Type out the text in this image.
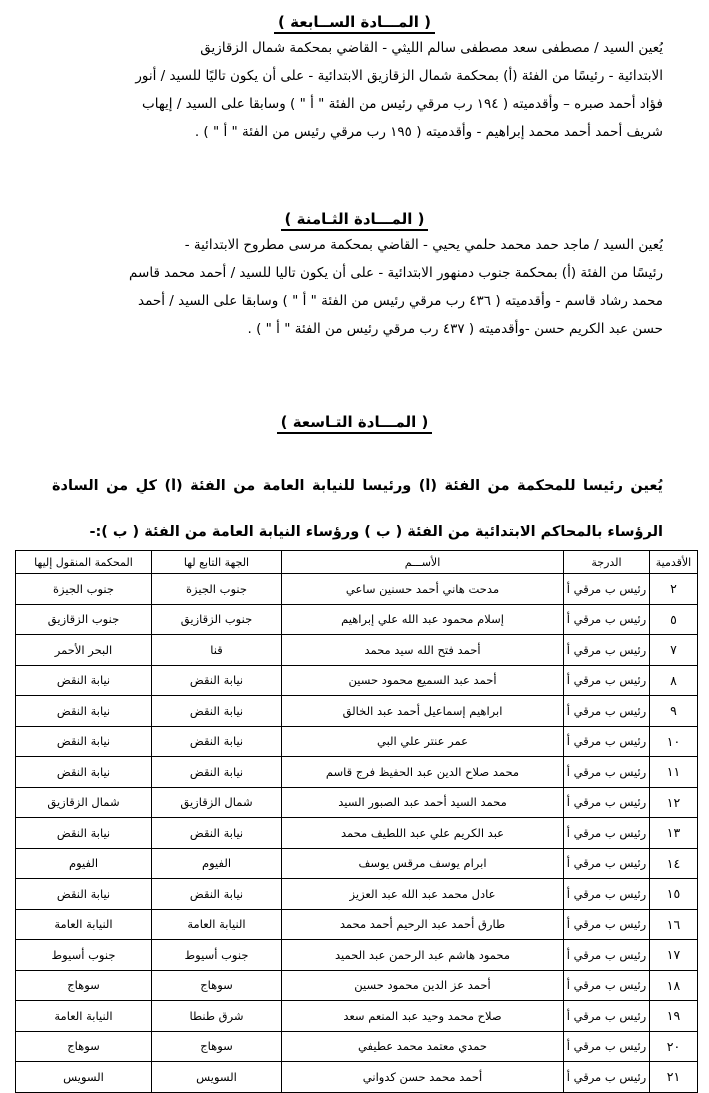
( المـــادة الســابعة )

يُعين السيد / مصطفى سعد مصطفى سالم الليثي - القاضي بمحكمة شمال الزقازيق

الابتدائية - رئيسًا من الفئة (أ) بمحكمة شمال الزقازيق الابتدائية - على أن يكون تاليًا للسيد / أنور

فؤاد أحمد صبره – وأقدميته ( ١٩٤ رب مرقي رئيس من الفئة " أ " ) وسابقا على السيد / إيهاب

شريف أحمد أحمد محمد إبراهيم - وأقدميته ( ١٩٥ رب مرقي رئيس من الفئة " أ " ) .

( المـــادة الثـامنة )

يُعين السيد / ماجد حمد محمد حلمي يحيي - القاضي بمحكمة مرسى مطروح الابتدائية -

رئيسًا من الفئة (أ) بمحكمة جنوب دمنهور الابتدائية - على أن يكون تاليا للسيد / أحمد محمد قاسم

محمد رشاد قاسم - وأقدميته ( ٤٣٦ رب مرقي رئيس من الفئة " أ " ) وسابقا على السيد / أحمد

حسن عبد الكريم حسن -وأقدميته ( ٤٣٧ رب مرقي رئيس من الفئة " أ " ) .

( المـــادة التـاسعة )
يُعين رئيساً للمحكمة من الفئة (أ) ورئيساً للنيابة العامة من الفئة (أ) كلٍ من السادة
الرؤساء بالمحاكم الابتدائية من الفئة ( ب ) ورؤساء النيابة العامة من الفئة ( ب ):-
الأقدمية	الدرجة	الأســـم	الجهة التابع لها	المحكمة المنقول إليها
٢	رئيس ب مرقي أ	مدحت هاني أحمد حسنين ساعي	جنوب الجيزة	جنوب الجيزة
٥	رئيس ب مرقي أ	إسلام محمود عبد الله علي إبراهيم	جنوب الزقازيق	جنوب الزقازيق
٧	رئيس ب مرقي أ	أحمد فتح الله سيد محمد	قنا	البحر الأحمر
٨	رئيس ب مرقي أ	أحمد عبد السميع محمود حسين	نيابة النقض	نيابة النقض
٩	رئيس ب مرقي أ	ابراهيم إسماعيل أحمد عبد الخالق	نيابة النقض	نيابة النقض
١٠	رئيس ب مرقي أ	عمر عنتر علي البي	نيابة النقض	نيابة النقض
١١	رئيس ب مرقي أ	محمد صلاح الدين عبد الحفيظ فرج قاسم	نيابة النقض	نيابة النقض
١٢	رئيس ب مرقي أ	محمد السيد أحمد عبد الصبور السيد	شمال الزقازيق	شمال الزقازيق
١٣	رئيس ب مرقي أ	عبد الكريم علي عبد اللطيف محمد	نيابة النقض	نيابة النقض
١٤	رئيس ب مرقي أ	ابرام يوسف مرقس يوسف	الفيوم	الفيوم
١٥	رئيس ب مرقي أ	عادل محمد عبد الله عبد العزيز	نيابة النقض	نيابة النقض
١٦	رئيس ب مرقي أ	طارق أحمد عبد الرحيم أحمد محمد	النيابة العامة	النيابة العامة
١٧	رئيس ب مرقي أ	محمود هاشم عبد الرحمن عبد الحميد	جنوب أسيوط	جنوب أسيوط
١٨	رئيس ب مرقي أ	أحمد عز الدين محمود حسين	سوهاج	سوهاج
١٩	رئيس ب مرقي أ	صلاح محمد وحيد عبد المنعم سعد	شرق طنطا	النيابة العامة
٢٠	رئيس ب مرقي أ	حمدي معتمد محمد عطيفي	سوهاج	سوهاج
٢١	رئيس ب مرقي أ	أحمد محمد حسن كدواني	السويس	السويس
